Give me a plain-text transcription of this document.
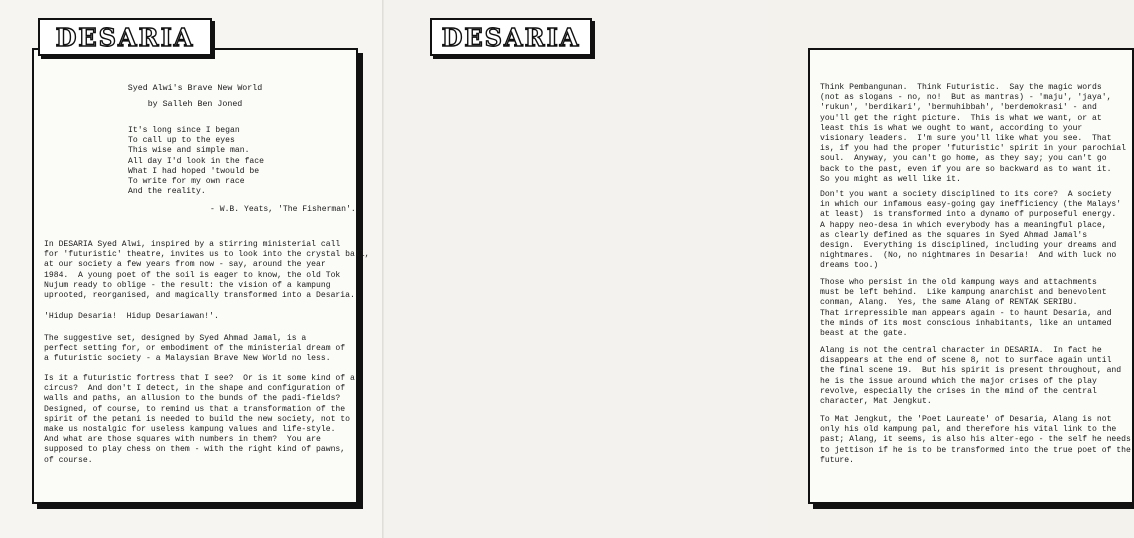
Syed Alwi's Brave New World
by Salleh Ben Joned
It's long since I began
To call up to the eyes
This wise and simple man.
All day I'd look in the face
What I had hoped 'twould be
To write for my own race
And the reality.
- W.B. Yeats, 'The Fisherman'.
In DESARIA Syed Alwi, inspired by a stirring ministerial call
for 'futuristic' theatre, invites us to look into the crystal ball,
at our society a few years from now - say, around the year
1984.  A young poet of the soil is eager to know, the old Tok
Nujum ready to oblige - the result: the vision of a kampung
uprooted, reorganised, and magically transformed into a Desaria.
'Hidup Desaria!  Hidup Desariawan!'.
The suggestive set, designed by Syed Ahmad Jamal, is a
perfect setting for, or embodiment of the ministerial dream of
a futuristic society - a Malaysian Brave New World no less.
Is it a futuristic fortress that I see?  Or is it some kind of a
circus?  And don't I detect, in the shape and configuration of
walls and paths, an allusion to the bunds of the padi-fields?
Designed, of course, to remind us that a transformation of the
spirit of the petani is needed to build the new society, not to
make us nostalgic for useless kampung values and life-style.
And what are those squares with numbers in them?  You are
supposed to play chess on them - with the right kind of pawns,
of course.
DESARIA
Think Pembangunan.  Think Futuristic.  Say the magic words
(not as slogans - no, no!  But as mantras) - 'maju', 'jaya',
'rukun', 'berdikari', 'bermuhibbah', 'berdemokrasi' - and
you'll get the right picture.  This is what we want, or at
least this is what we ought to want, according to your
visionary leaders.  I'm sure you'll like what you see.  That
is, if you had the proper 'futuristic' spirit in your parochial
soul.  Anyway, you can't go home, as they say; you can't go
back to the past, even if you are so backward as to want it.
So you might as well like it.
Don't you want a society disciplined to its core?  A society
in which our infamous easy-going gay inefficiency (the Malays'
at least)  is transformed into a dynamo of purposeful energy.
A happy neo-desa in which everybody has a meaningful place,
as clearly defined as the squares in Syed Ahmad Jamal's
design.  Everything is disciplined, including your dreams and
nightmares.  (No, no nightmares in Desaria!  And with luck no
dreams too.)
Those who persist in the old kampung ways and attachments
must be left behind.  Like kampung anarchist and benevolent
conman, Alang.  Yes, the same Alang of RENTAK SERIBU.
That irrepressible man appears again - to haunt Desaria, and
the minds of its most conscious inhabitants, like an untamed
beast at the gate.
Alang is not the central character in DESARIA.  In fact he
disappears at the end of scene 8, not to surface again until
the final scene 19.  But his spirit is present throughout, and
he is the issue around which the major crises of the play
revolve, especially the crises in the mind of the central
character, Mat Jengkut.
To Mat Jengkut, the 'Poet Laureate' of Desaria, Alang is not
only his old kampung pal, and therefore his vital link to the
past; Alang, it seems, is also his alter-ego - the self he needs
to jettison if he is to be transformed into the true poet of the
future.
DESARIA
